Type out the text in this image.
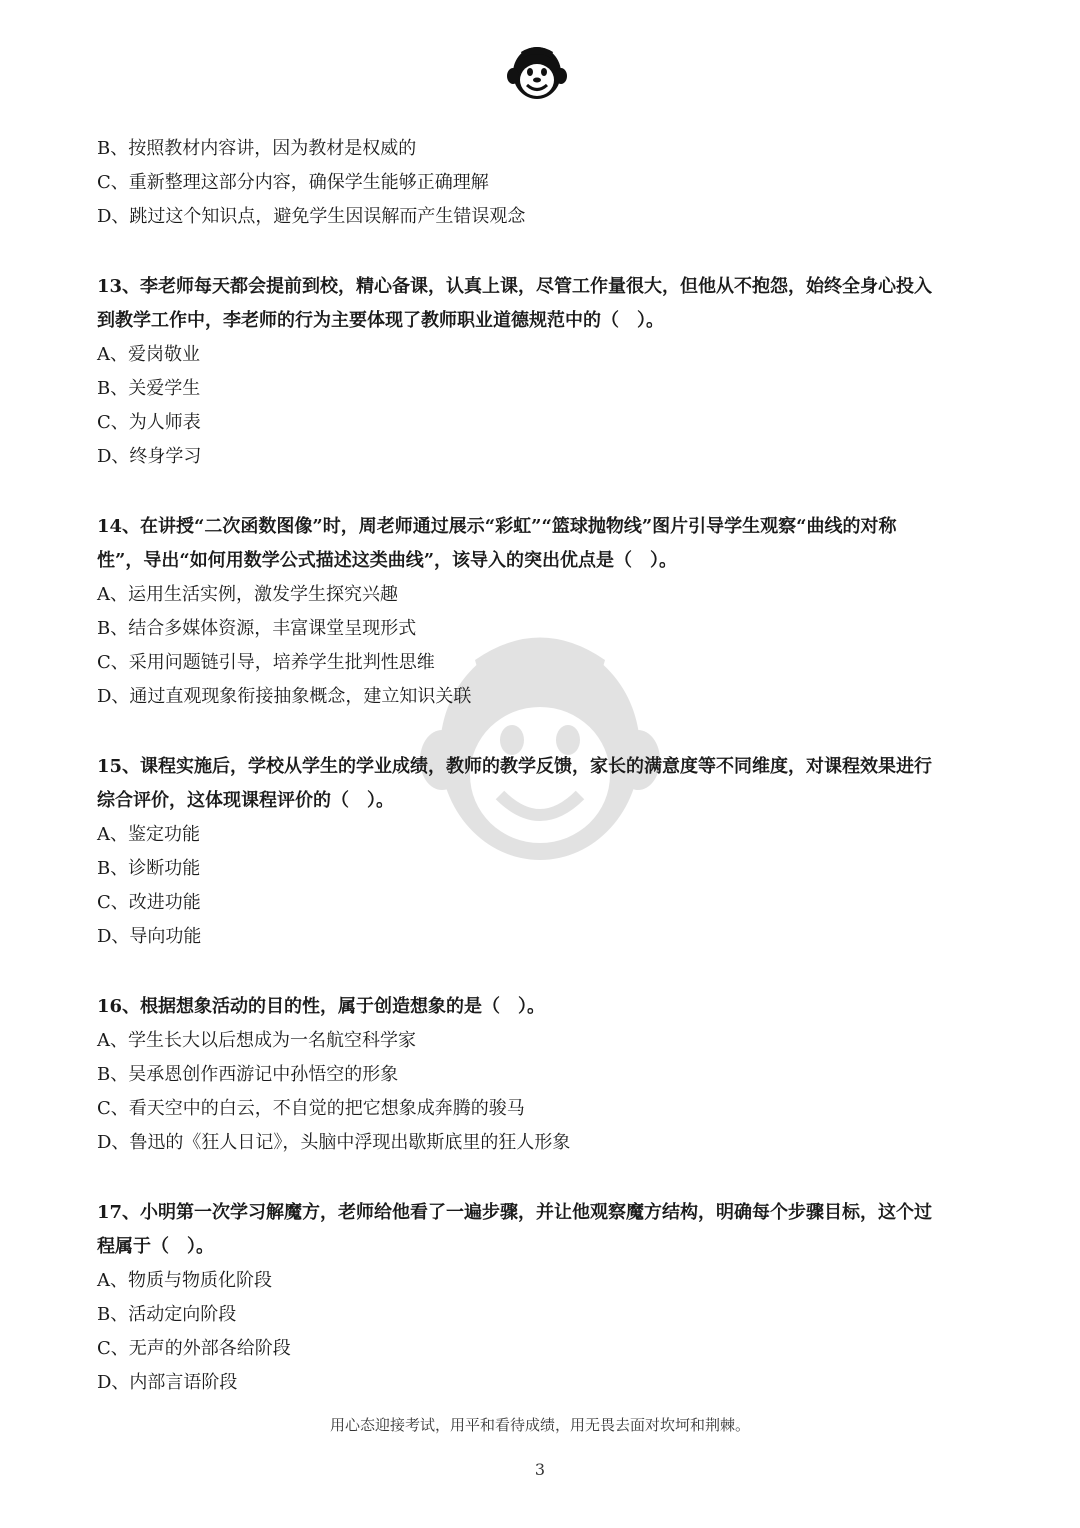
B、按照教材内容讲，因为教材是权威的
C、重新整理这部分内容，确保学生能够正确理解
D、跳过这个知识点，避免学生因误解而产生错误观念
13、李老师每天都会提前到校，精心备课，认真上课，尽管工作量很大，但他从不抱怨，始终全身心投入
到教学工作中，李老师的行为主要体现了教师职业道德规范中的（　）。
A、爱岗敬业
B、关爱学生
C、为人师表
D、终身学习
14、在讲授“二次函数图像”时，周老师通过展示“彩虹”“篮球抛物线”图片引导学生观察“曲线的对称
性”，导出“如何用数学公式描述这类曲线”，该导入的突出优点是（　）。
A、运用生活实例，激发学生探究兴趣
B、结合多媒体资源，丰富课堂呈现形式
C、采用问题链引导，培养学生批判性思维
D、通过直观现象衔接抽象概念，建立知识关联
15、课程实施后，学校从学生的学业成绩，教师的教学反馈，家长的满意度等不同维度，对课程效果进行
综合评价，这体现课程评价的（　）。
A、鉴定功能
B、诊断功能
C、改进功能
D、导向功能
16、根据想象活动的目的性，属于创造想象的是（　）。
A、学生长大以后想成为一名航空科学家
B、吴承恩创作西游记中孙悟空的形象
C、看天空中的白云，不自觉的把它想象成奔腾的骏马
D、鲁迅的《狂人日记》，头脑中浮现出歇斯底里的狂人形象
17、小明第一次学习解魔方，老师给他看了一遍步骤，并让他观察魔方结构，明确每个步骤目标，这个过
程属于（　）。
A、物质与物质化阶段
B、活动定向阶段
C、无声的外部各给阶段
D、内部言语阶段
用心态迎接考试，用平和看待成绩，用无畏去面对坎坷和荆棘。
3
